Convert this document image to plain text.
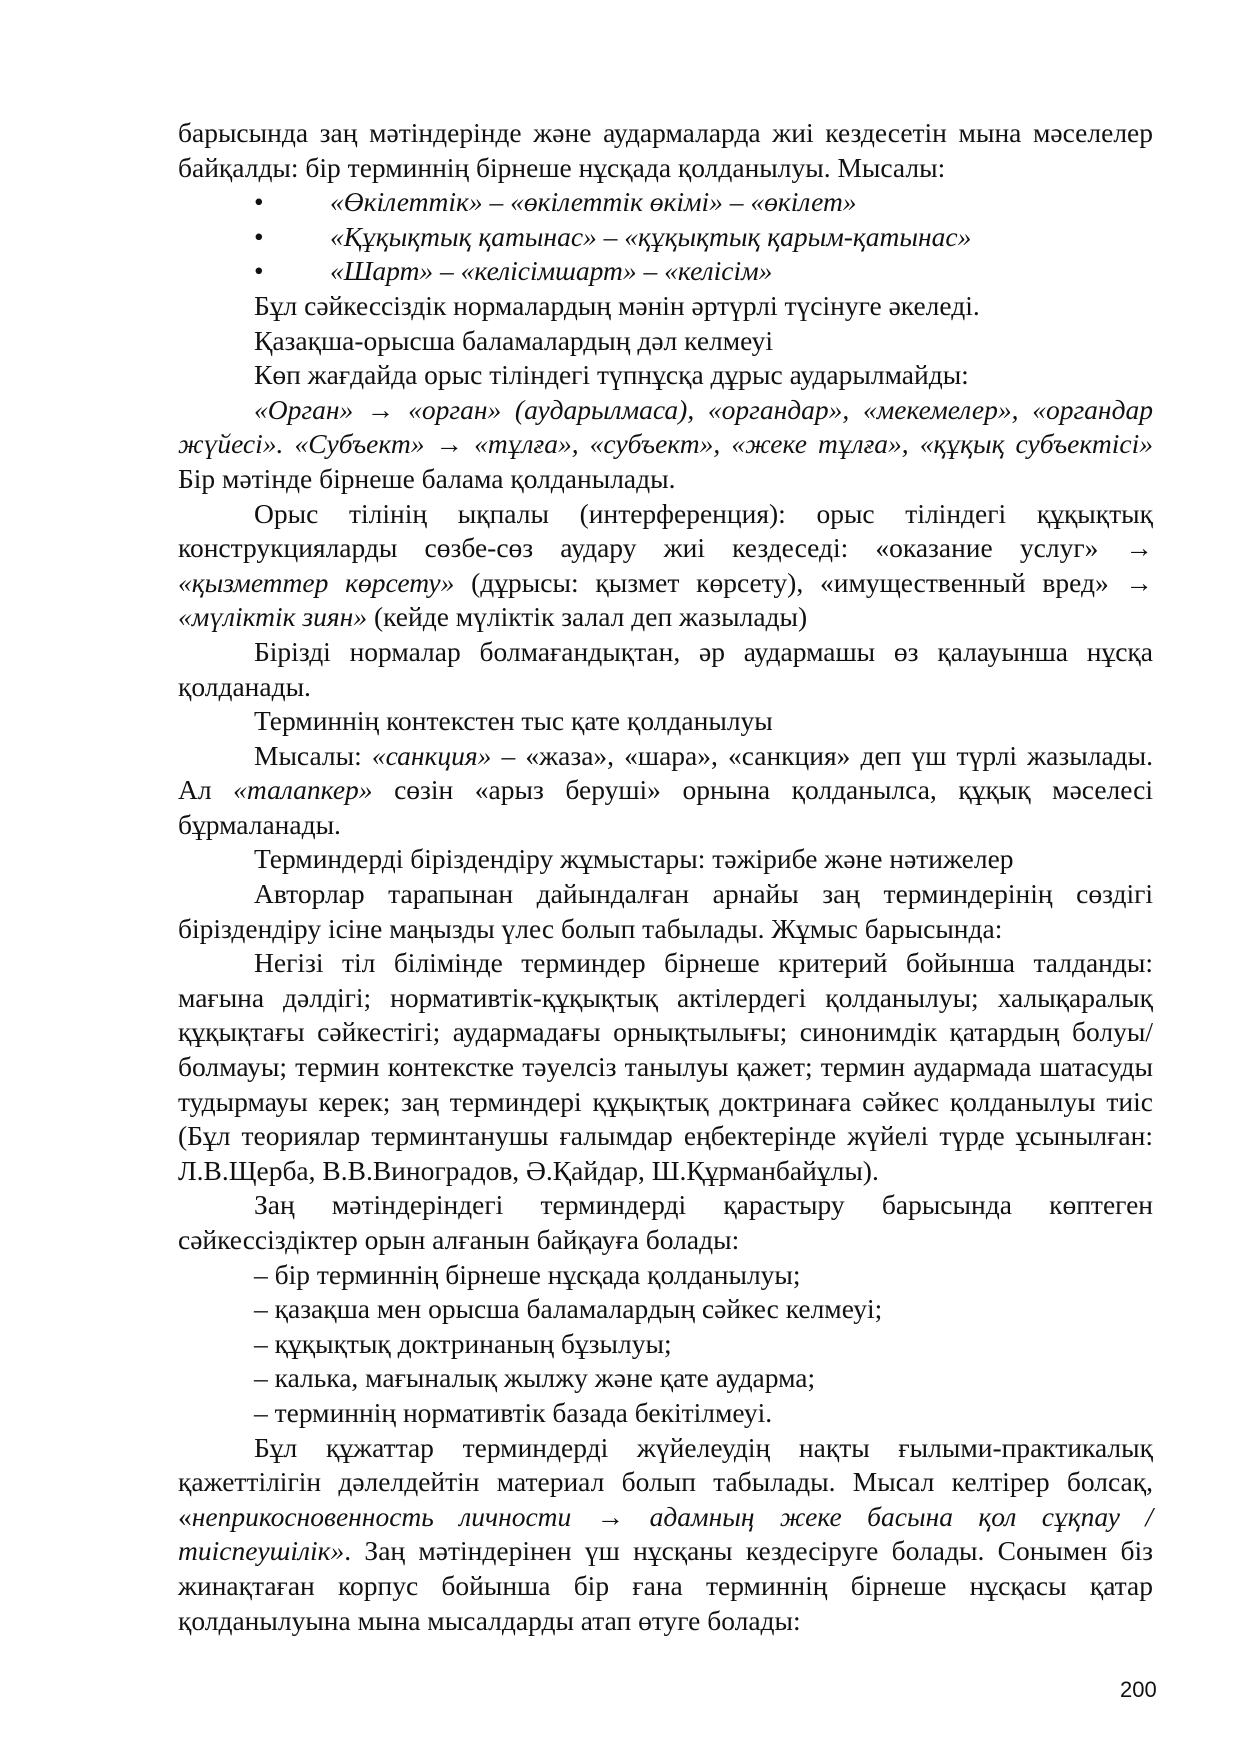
барысында заң мәтіндерінде және аудармаларда жиі кездесетін мына мәселелер байқалды: бір терминнің бірнеше нұсқада қолданылуы. Мысалы:

• «Өкілеттік» – «өкілеттік өкімі» – «өкілет»
• «Құқықтық қатынас» – «құқықтық қарым-қатынас»
• «Шарт» – «келісімшарт» – «келісім»

Бұл сәйкессіздік нормалардың мәнін әртүрлі түсінуге әкеледі.

Қазақша-орысша баламалардың дәл келмеуі

Көп жағдайда орыс тіліндегі түпнұсқа дұрыс аударылмайды:

«Орган» → «орган» (аударылмаса), «органдар», «мекемелер», «органдар жүйесі». «Субъект» → «тұлға», «субъект», «жеке тұлға», «құқық субъектісі» Бір мәтінде бірнеше балама қолданылады.

Орыс тілінің ықпалы (интерференция): орыс тіліндегі құқықтық конструкцияларды сөзбе-сөз аудару жиі кездеседі: «оказание услуг» → «қызметтер көрсету» (дұрысы: қызмет көрсету), «имущественный вред» → «мүліктік зиян» (кейде мүліктік залал деп жазылады)

Бірізді нормалар болмағандықтан, әр аудармашы өз қалауынша нұсқа қолданады.

Терминнің контекстен тыс қате қолданылуы

Мысалы: «санкция» – «жаза», «шара», «санкция» деп үш түрлі жазылады. Ал «талапкер» сөзін «арыз беруші» орнына қолданылса, құқық мәселесі бұрмаланады.

Терминдерді біріздендіру жұмыстары: тәжірибе және нәтижелер

Авторлар тарапынан дайындалған арнайы заң терминдерінің сөздігі біріздендіру ісіне маңызды үлес болып табылады. Жұмыс барысында:

Негізі тіл білімінде терминдер бірнеше критерий бойынша талданды: мағына дәлдігі; нормативтік-құқықтық актілердегі қолданылуы; халықаралық құқықтағы сәйкестігі; аудармадағы орнықтылығы; синонимдік қатардың болуы/болмауы; термин контекстке тәуелсіз танылуы қажет; термин аудармада шатасуды тудырмауы керек; заң терминдері құқықтық доктринаға сәйкес қолданылуы тиіс (Бұл теориялар терминтанушы ғалымдар еңбектерінде жүйелі түрде ұсынылған: Л.В.Щерба, В.В.Виноградов, Ә.Қайдар, Ш.Құрманбайұлы).

Заң мәтіндеріндегі терминдерді қарастыру барысында көптеген сәйкессіздіктер орын алғанын байқауға болады:

– бір терминнің бірнеше нұсқада қолданылуы;
– қазақша мен орысша баламалардың сәйкес келмеуі;
– құқықтық доктринаның бұзылуы;
– калька, мағыналық жылжу және қате аударма;
– терминнің нормативтік базада бекітілмеуі.

Бұл құжаттар терминдерді жүйелеудің нақты ғылыми-практикалық қажеттілігін дәлелдейтін материал болып табылады. Мысал келтірер болсақ, «неприкосновенность личности → адамның жеке басына қол сұқпау / тиіспеушілік». Заң мәтіндерінен үш нұсқаны кездесіруге болады. Сонымен біз жинақтаған корпус бойынша бір ғана терминнің бірнеше нұсқасы қатар қолданылуына мына мысалдарды атап өтуге болады:

200
